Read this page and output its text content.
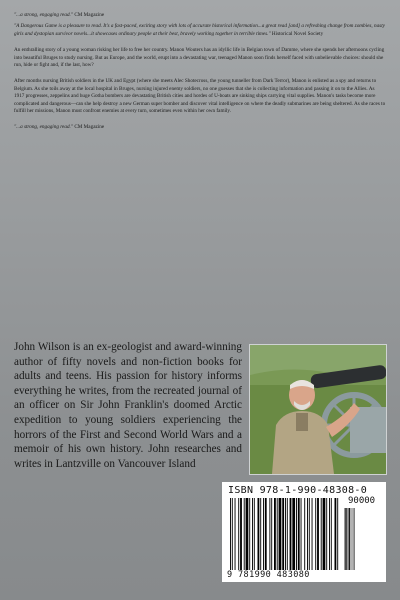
"...a strong, engaging read." CM Magazine

"A Dangerous Game is a pleasure to read. It's a fast-paced, exciting story with lots of accurate historical information...a great read [and] a refreshing change from zombies, nasty girls and dystopian survivor novels...it showcases ordinary people at their best, bravely working together in terrible times." Historical Novel Society

An enthralling story of a young woman risking her life to free her country. Manon Wouters has an idyllic life in Belgian town of Damme, where she spends her afternoons cycling into beautiful Bruges to study nursing. But as Europe, and the world, erupt into a devastating war, teenaged Manon soon finds herself faced with unbelievable choices: should she run, hide or fight and, if the last, how?

After months nursing British soldiers in the UK and Egypt (where she meets Alec Shotecross, the young tunneller from Dark Terror), Manon is enlisted as a spy and returns to Belgium. As she toils away at the local hospital in Bruges, nursing injured enemy soldiers, no one guesses that she is collecting information and passing it on to the Allies. As 1917 progresses, zeppelins and huge Gotha bombers are devastating British cities and hordes of U-boats are sinking ships carrying vital supplies. Manon's tasks become more complicated and dangerous—can she help destroy a new German super bomber and discover vital intelligence on where the deadly submarines are being sheltered. As she races to fulfill her missions, Manon must confront enemies at every turn, sometimes even within her own family.

"...a strong, engaging read." CM Magazine

John Wilson is an ex-geologist and award-winning author of fifty novels and non-fiction books for adults and teens. His passion for history informs everything he writes, from the recreated journal of an officer on Sir John Franklin's doomed Arctic expedition to young soldiers experiencing the horrors of the First and Second World Wars and a memoir of his own history. John researches and writes in Lantzville on Vancouver Island
ISBN 978-1-990-48308-0
90000
9 781990 483080
